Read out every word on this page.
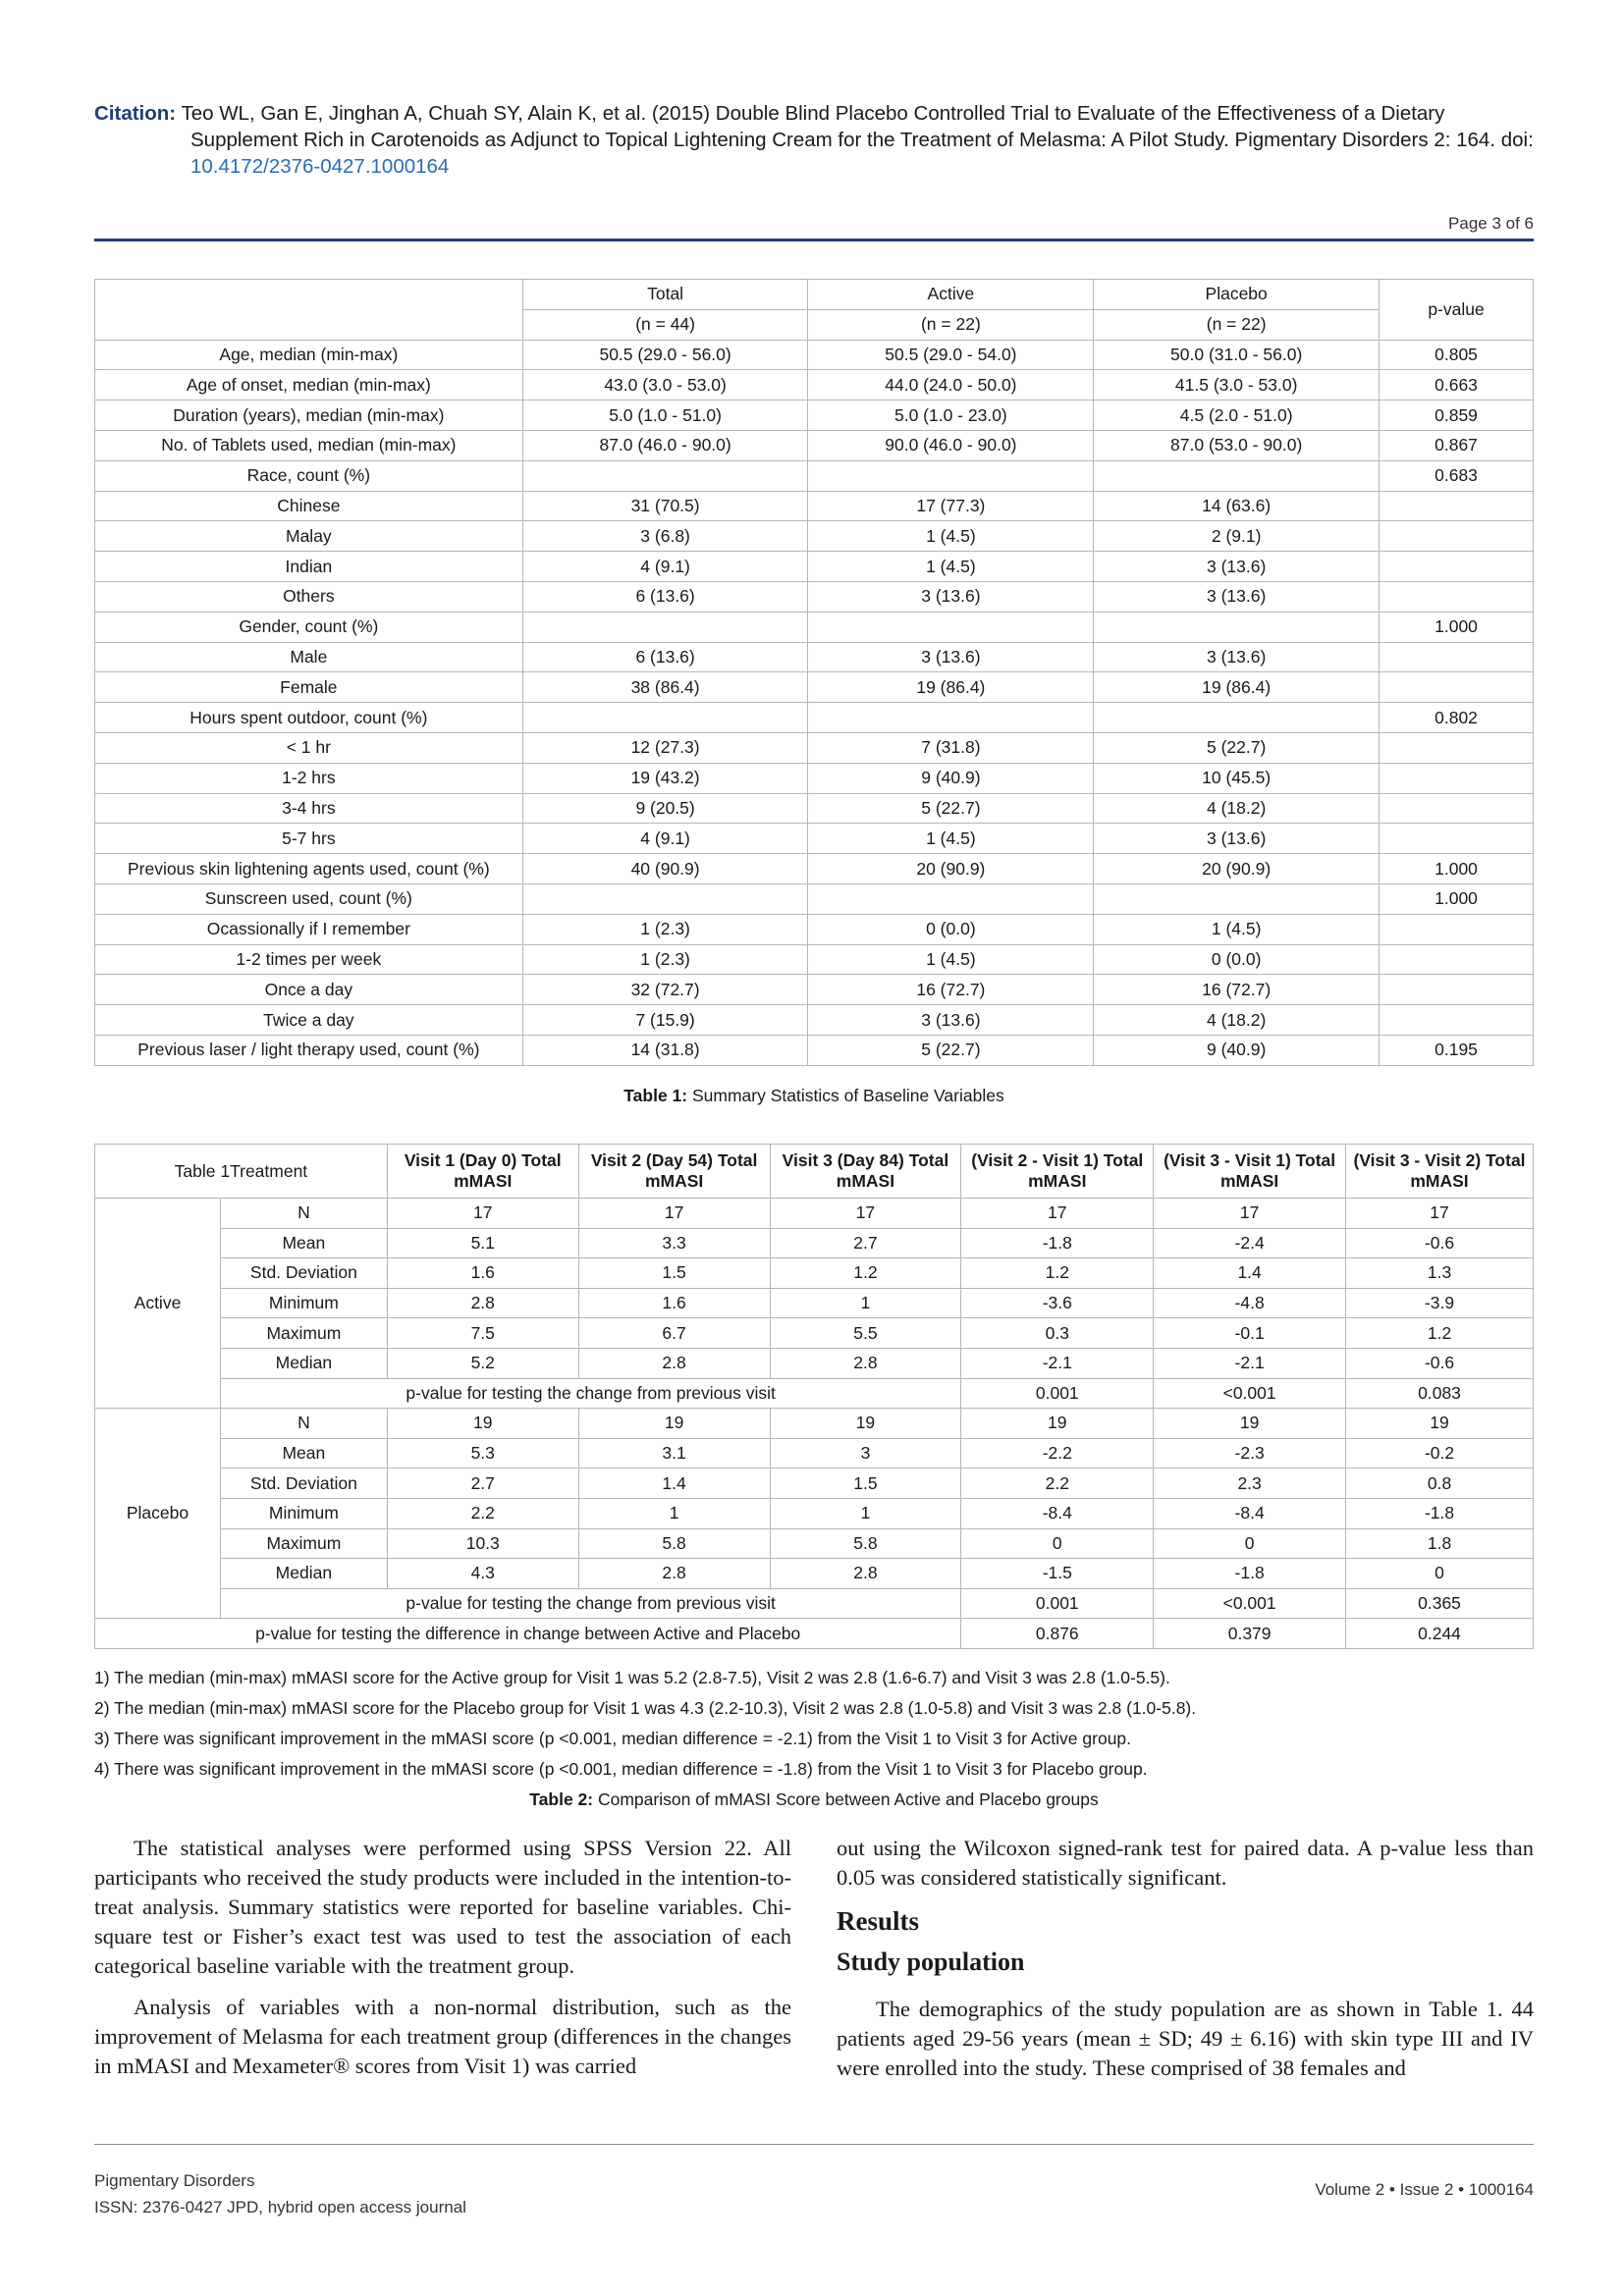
Citation: Teo WL, Gan E, Jinghan A, Chuah SY, Alain K, et al. (2015) Double Blind Placebo Controlled Trial to Evaluate of the Effectiveness of a Dietary
Supplement Rich in Carotenoids as Adjunct to Topical Lightening Cream for the Treatment of Melasma: A Pilot Study. Pigmentary Disorders 2: 164. doi:
10.4172/2376-0427.1000164
Page 3 of 6
	Total	Active	Placebo	p-value
	(n = 44)	(n = 22)	(n = 22)	
Age, median (min-max)	50.5 (29.0 - 56.0)	50.5 (29.0 - 54.0)	50.0 (31.0 - 56.0)	0.805
Age of onset, median (min-max)	43.0 (3.0 - 53.0)	44.0 (24.0 - 50.0)	41.5 (3.0 - 53.0)	0.663
Duration (years), median (min-max)	5.0 (1.0 - 51.0)	5.0 (1.0 - 23.0)	4.5 (2.0 - 51.0)	0.859
No. of Tablets used, median (min-max)	87.0 (46.0 - 90.0)	90.0 (46.0 - 90.0)	87.0 (53.0 - 90.0)	0.867
Race, count (%)				0.683
Chinese	31 (70.5)	17 (77.3)	14 (63.6)	
Malay	3 (6.8)	1 (4.5)	2 (9.1)	
Indian	4 (9.1)	1 (4.5)	3 (13.6)	
Others	6 (13.6)	3 (13.6)	3 (13.6)	
Gender, count (%)				1.000
Male	6 (13.6)	3 (13.6)	3 (13.6)	
Female	38 (86.4)	19 (86.4)	19 (86.4)	
Hours spent outdoor, count (%)				0.802
< 1 hr	12 (27.3)	7 (31.8)	5 (22.7)	
1-2 hrs	19 (43.2)	9 (40.9)	10 (45.5)	
3-4 hrs	9 (20.5)	5 (22.7)	4 (18.2)	
5-7 hrs	4 (9.1)	1 (4.5)	3 (13.6)	
Previous skin lightening agents used, count (%)	40 (90.9)	20 (90.9)	20 (90.9)	1.000
Sunscreen used, count (%)				1.000
Ocassionally if I remember	1 (2.3)	0 (0.0)	1 (4.5)	
1-2 times per week	1 (2.3)	1 (4.5)	0 (0.0)	
Once a day	32 (72.7)	16 (72.7)	16 (72.7)	
Twice a day	7 (15.9)	3 (13.6)	4 (18.2)	
Previous laser / light therapy used, count (%)	14 (31.8)	5 (22.7)	9 (40.9)	0.195
Table 1: Summary Statistics of Baseline Variables
Table 1Treatment		Visit 1 (Day 0) Total mMASI	Visit 2 (Day 54) Total mMASI	Visit 3 (Day 84) Total mMASI	(Visit 2 - Visit 1) Total mMASI	(Visit 3 - Visit 1) Total mMASI	(Visit 3 - Visit 2) Total mMASI
Active	N	17	17	17	17	17	17
	Mean	5.1	3.3	2.7	-1.8	-2.4	-0.6
	Std. Deviation	1.6	1.5	1.2	1.2	1.4	1.3
	Minimum	2.8	1.6	1	-3.6	-4.8	-3.9
	Maximum	7.5	6.7	5.5	0.3	-0.1	1.2
	Median	5.2	2.8	2.8	-2.1	-2.1	-0.6
	p-value for testing the change from previous visit				0.001	<0.001	0.083
Placebo	N	19	19	19	19	19	19
	Mean	5.3	3.1	3	-2.2	-2.3	-0.2
	Std. Deviation	2.7	1.4	1.5	2.2	2.3	0.8
	Minimum	2.2	1	1	-8.4	-8.4	-1.8
	Maximum	10.3	5.8	5.8	0	0	1.8
	Median	4.3	2.8	2.8	-1.5	-1.8	0
	p-value for testing the change from previous visit				0.001	<0.001	0.365
p-value for testing the difference in change between Active and Placebo					0.876	0.379	0.244
1) The median (min-max) mMASI score for the Active group for Visit 1 was 5.2 (2.8-7.5), Visit 2 was 2.8 (1.6-6.7) and Visit 3 was 2.8 (1.0-5.5).
2) The median (min-max) mMASI score for the Placebo group for Visit 1 was 4.3 (2.2-10.3), Visit 2 was 2.8 (1.0-5.8) and Visit 3 was 2.8 (1.0-5.8).
3) There was significant improvement in the mMASI score (p <0.001, median difference = -2.1) from the Visit 1 to Visit 3 for Active group.
4) There was significant improvement in the mMASI score (p <0.001, median difference = -1.8) from the Visit 1 to Visit 3 for Placebo group.
Table 2: Comparison of mMASI Score between Active and Placebo groups

The statistical analyses were performed using SPSS Version 22. All participants who received the study products were included in the intention-to-treat analysis. Summary statistics were reported for baseline variables. Chi-square test or Fisher’s exact test was used to test the association of each categorical baseline variable with the treatment group.

Analysis of variables with a non-normal distribution, such as the improvement of Melasma for each treatment group (differences in the changes in mMASI and Mexameter® scores from Visit 1) was carried

out using the Wilcoxon signed-rank test for paired data. A p-value less than 0.05 was considered statistically significant.

Results
Study population

The demographics of the study population are as shown in Table 1. 44 patients aged 29-56 years (mean ± SD; 49 ± 6.16) with skin type III and IV were enrolled into the study. These comprised of 38 females and

Pigmentary Disorders
ISSN: 2376-0427 JPD, hybrid open access journal
Volume 2 • Issue 2 • 1000164
